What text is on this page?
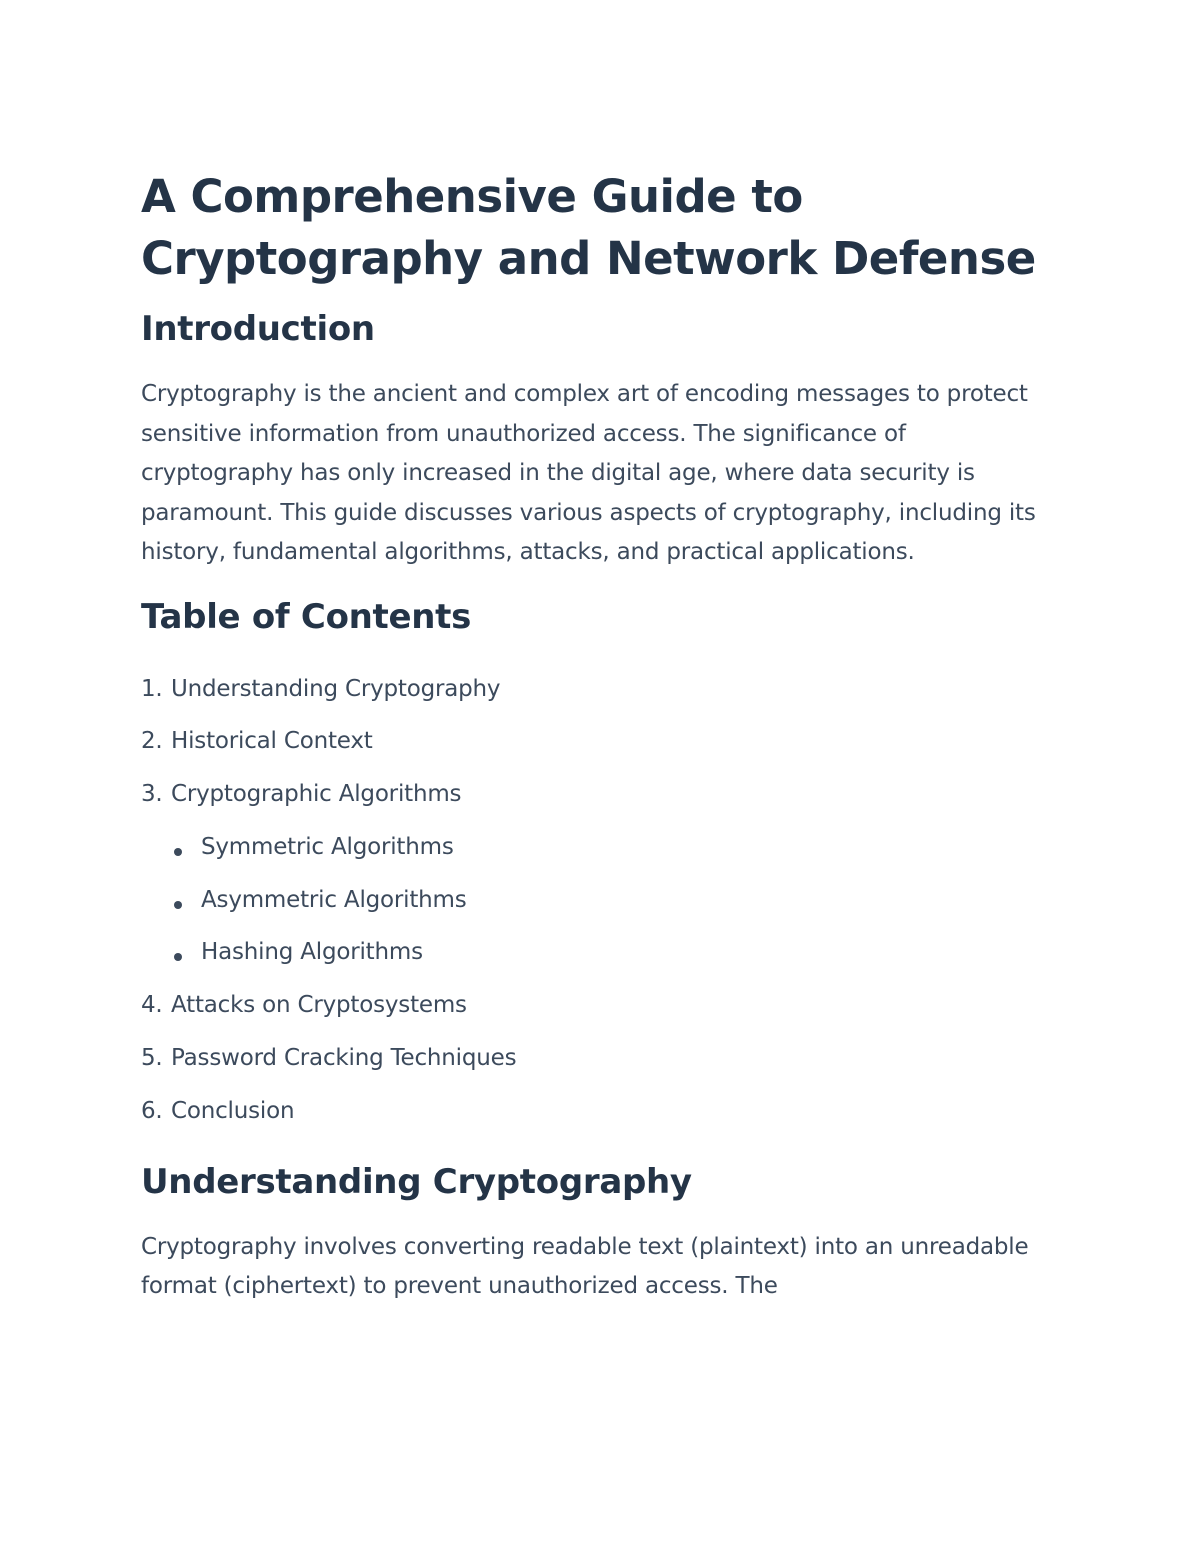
A Comprehensive Guide to Cryptography and Network Defense
Introduction

Cryptography is the ancient and complex art of encoding messages to protect sensitive information from unauthorized access. The significance of cryptography has only increased in the digital age, where data security is paramount. This guide discusses various aspects of cryptography, including its history, fundamental algorithms, attacks, and practical applications.

Table of Contents
1. Understanding Cryptography
2. Historical Context
3. Cryptographic Algorithms
Symmetric Algorithms
Asymmetric Algorithms
Hashing Algorithms
4. Attacks on Cryptosystems
5. Password Cracking Techniques
6. Conclusion
Understanding Cryptography

Cryptography involves converting readable text (plaintext) into an unreadable format (ciphertext) to prevent unauthorized access. The
